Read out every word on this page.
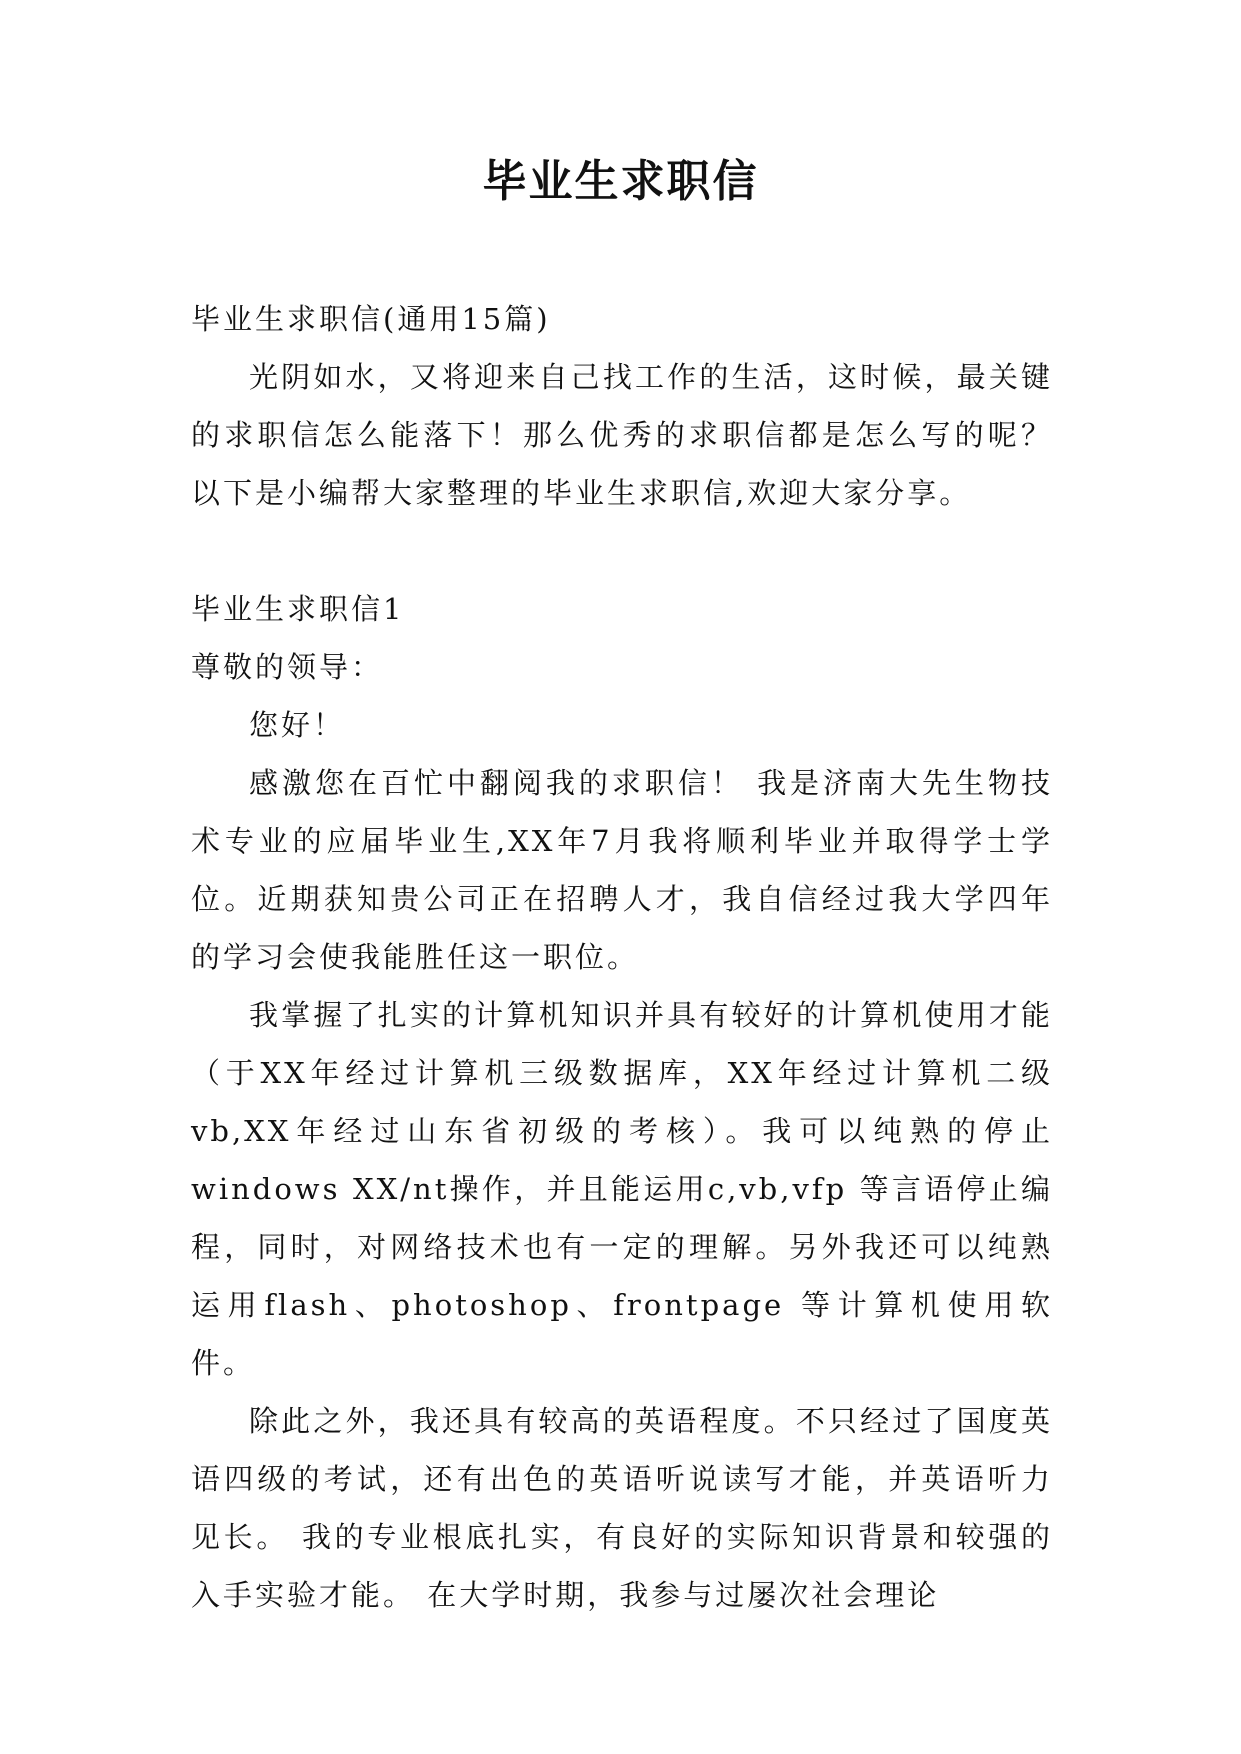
毕业生求职信

毕业生求职信(通用15篇)

光阴如水，又将迎来自己找工作的生活，这时候，最关键的求职信怎么能落下！那么优秀的求职信都是怎么写的呢？以下是小编帮大家整理的毕业生求职信,欢迎大家分享。

毕业生求职信1

尊敬的领导：

您好！

感激您在百忙中翻阅我的求职信！ 我是济南大先生物技术专业的应届毕业生,XX年7月我将顺利毕业并取得学士学位。近期获知贵公司正在招聘人才，我自信经过我大学四年的学习会使我能胜任这一职位。

我掌握了扎实的计算机知识并具有较好的计算机使用才能（于XX年经过计算机三级数据库，XX年经过计算机二级vb,XX年经过山东省初级的考核）。我可以纯熟的停止windows XX/nt操作，并且能运用c,vb,vfp 等言语停止编程，同时，对网络技术也有一定的理解。另外我还可以纯熟运用flash、photoshop、frontpage 等计算机使用软件。

除此之外，我还具有较高的英语程度。不只经过了国度英语四级的考试，还有出色的英语听说读写才能，并英语听力见长。 我的专业根底扎实，有良好的实际知识背景和较强的入手实验才能。 在大学时期，我参与过屡次社会理论
